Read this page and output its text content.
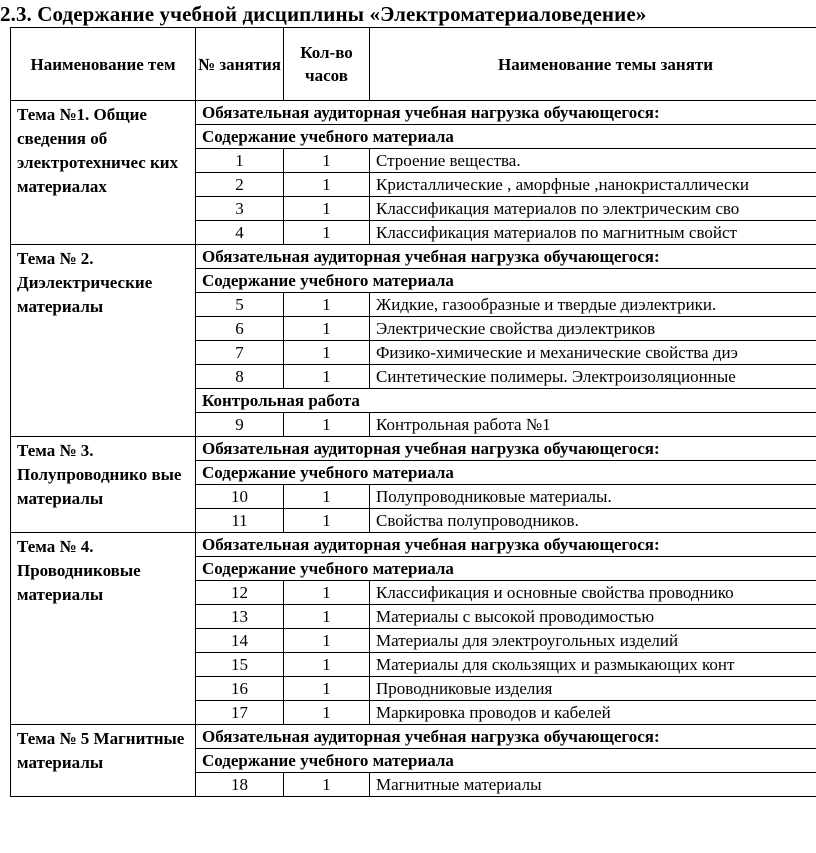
2.3. Содержание учебной дисциплины «Электроматериаловедение»
Наименование тем	№ занятия	Кол-во часов	Наименование темы заняти
Тема №1. Общие сведения об электротехничес ких материалах	Обязательная аудиторная учебная нагрузка обучающегося:		
	Содержание учебного материала		
	1	1	Строение вещества.
	2	1	Кристаллические , аморфные ,нанокристаллически
	3	1	Классификация материалов по электрическим сво
	4	1	Классификация материалов по магнитным свойст
Тема № 2. Диэлектрические материалы	Обязательная аудиторная учебная нагрузка обучающегося:		
	Содержание учебного материала		
	5	1	Жидкие, газообразные и твердые диэлектрики.
	6	1	Электрические свойства диэлектриков
	7	1	Физико-химические и механические свойства диэ
	8	1	Синтетические полимеры. Электроизоляционные
	Контрольная работа		
	9	1	Контрольная работа №1
Тема № 3. Полупроводнико вые материалы	Обязательная аудиторная учебная нагрузка обучающегося:		
	Содержание учебного материала		
	10	1	Полупроводниковые материалы.
	11	1	Свойства полупроводников.
Тема № 4. Проводниковые материалы	Обязательная аудиторная учебная нагрузка обучающегося:		
	Содержание учебного материала		
	12	1	Классификация и основные свойства проводнико
	13	1	Материалы с высокой проводимостью
	14	1	Материалы для электроугольных изделий
	15	1	Материалы для скользящих и размыкающих конт
	16	1	Проводниковые изделия
	17	1	Маркировка проводов и кабелей
Тема № 5 Магнитные материалы	Обязательная аудиторная учебная нагрузка обучающегося:		
	Содержание учебного материала		
	18	1	Магнитные материалы
